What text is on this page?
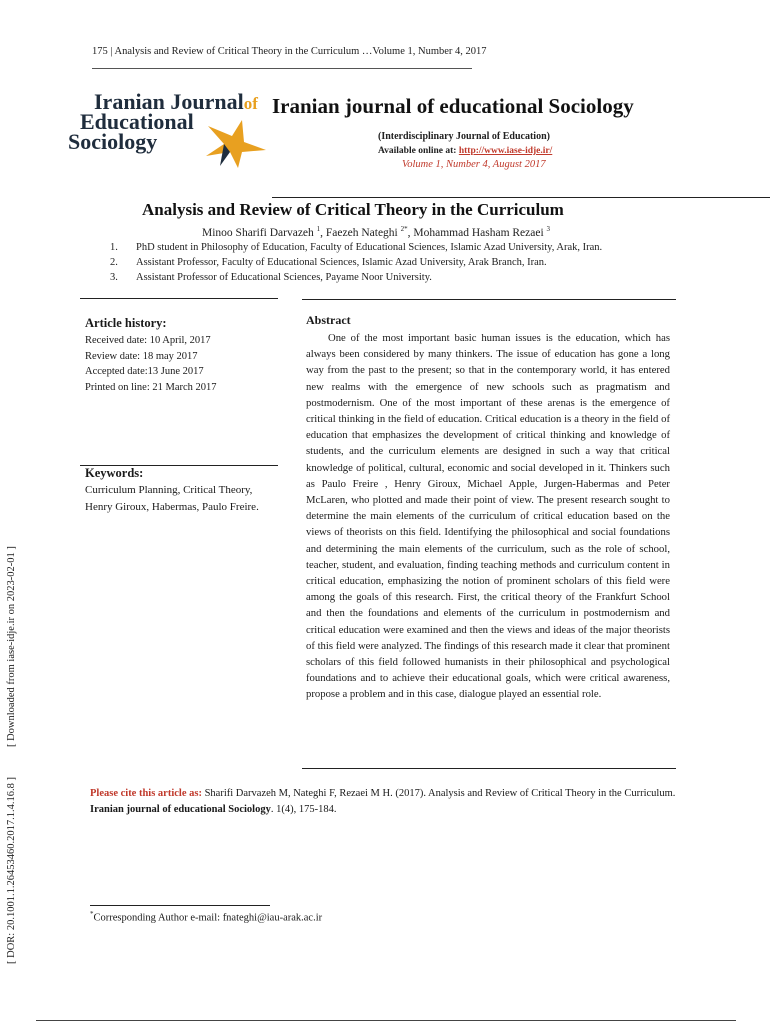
175 | Analysis and Review of Critical Theory in the Curriculum …Volume 1, Number 4, 2017
Iranian Journalof
Educational
Sociology
Iranian journal of educational Sociology
(Interdisciplinary Journal of Education)
Available online at: http://www.iase-idje.ir/
Volume 1, Number 4, August 2017
Analysis and Review of Critical Theory in the Curriculum
Minoo Sharifi Darvazeh $^1$, Faezeh Nateghi $^{2*}$, Mohammad Hasham Rezaei $^3$
1. PhD student in Philosophy of Education, Faculty of Educational Sciences, Islamic Azad University, Arak, Iran.
2. Assistant Professor, Faculty of Educational Sciences, Islamic Azad University, Arak Branch, Iran.
3. Assistant Professor of Educational Sciences, Payame Noor University.
Article history:
Received date: 10 April, 2017
Review date: 18 may 2017
Accepted date:13 June 2017
Printed on line: 21 March 2017
Keywords:
Curriculum Planning, Critical Theory, Henry Giroux, Habermas, Paulo Freire.
Abstract
One of the most important basic human issues is the education, which has always been considered by many thinkers. The issue of education has gone a long way from the past to the present; so that in the contemporary world, it has entered new realms with the emergence of new schools such as pragmatism and postmodernism. One of the most important of these arenas is the emergence of critical thinking in the field of education. Critical education is a theory in the field of education that emphasizes the development of critical thinking and knowledge of students, and the curriculum elements are designed in such a way that critical knowledge of political, cultural, economic and social developed in it. Thinkers such as Paulo Freire , Henry Giroux, Michael Apple, Jurgen-Habermas and Peter McLaren, who plotted and made their point of view. The present research sought to determine the main elements of the curriculum of critical education based on the views of theorists on this field. Identifying the philosophical and social foundations and determining the main elements of the curriculum, such as the role of school, teacher, student, and evaluation, finding teaching methods and curriculum content in critical education, emphasizing the notion of prominent scholars of this field were among the goals of this research. First, the critical theory of the Frankfurt School and then the foundations and elements of the curriculum in postmodernism and critical education were examined and then the views and ideas of the major theorists of this field were analyzed. The findings of this research made it clear that prominent scholars of this field followed humanists in their philosophical and psychological foundations and to achieve their educational goals, which were critical awareness, propose a problem and in this case, dialogue played an essential role.
Please cite this article as: Sharifi Darvazeh M, Nateghi F, Rezaei M H. (2017). Analysis and Review of Critical Theory in the Curriculum. Iranian journal of educational Sociology. 1(4), 175-184.
*Corresponding Author e-mail: fnateghi@iau-arak.ac.ir
[ DOR: 20.1001.1.26453460.2017.1.4.16.8 ][ Downloaded from iase-idje.ir on 2023-02-01 ]
